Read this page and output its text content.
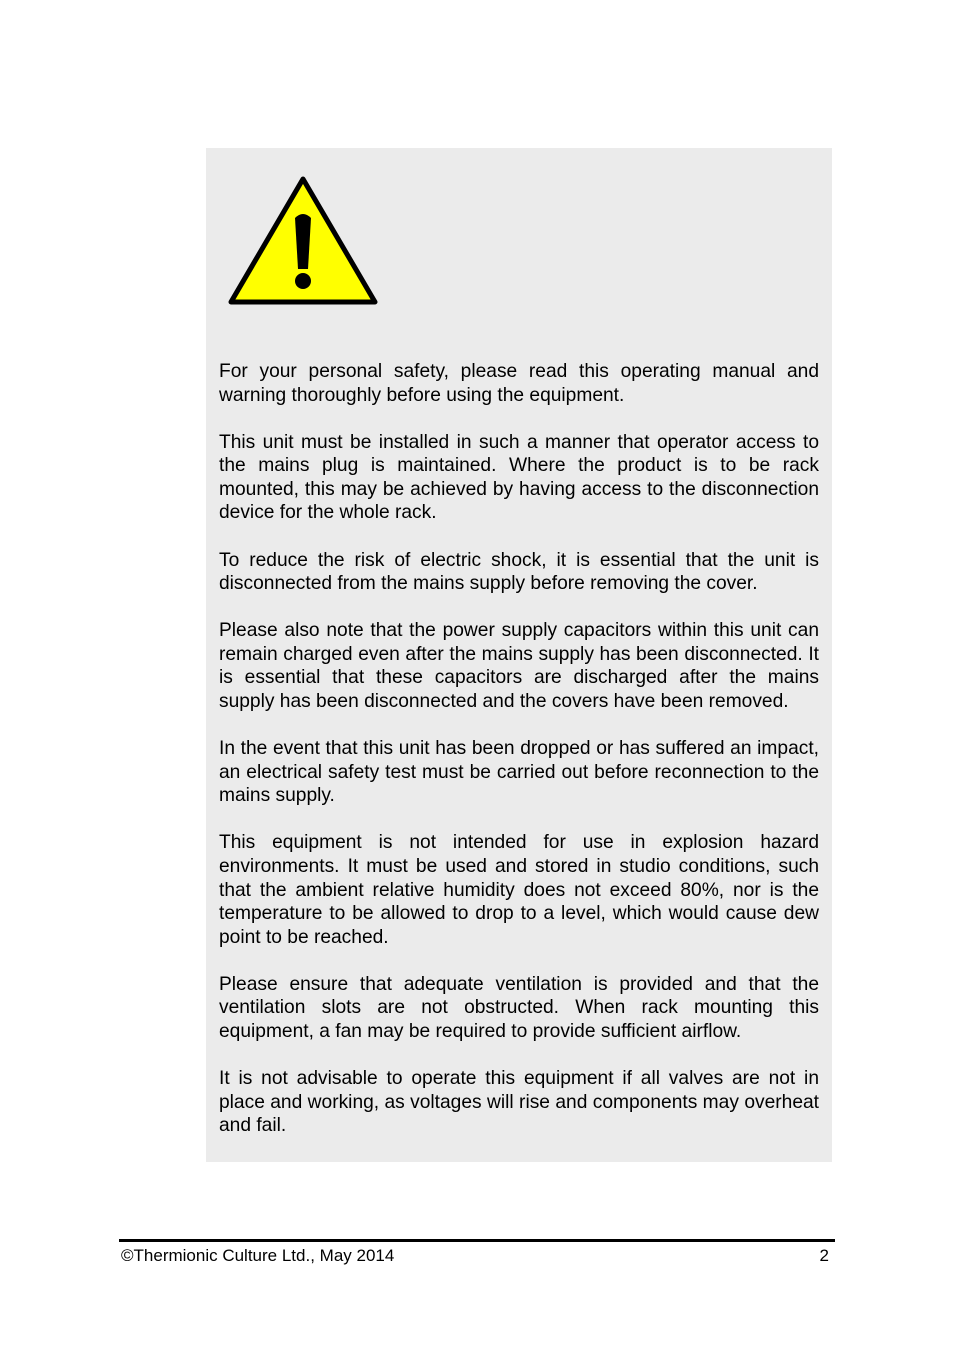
For your personal safety, please read this operating manual and warning thoroughly before using the equipment.

This unit must be installed in such a manner that operator access to the mains plug is maintained. Where the product is to be rack mounted, this may be achieved by having access to the disconnection device for the whole rack.

To reduce the risk of electric shock, it is essential that the unit is disconnected from the mains supply before removing the cover.

Please also note that the power supply capacitors within this unit can remain charged even after the mains supply has been disconnected. It is essential that these capacitors are discharged after the mains supply has been disconnected and the covers have been removed.

In the event that this unit has been dropped or has suffered an impact, an electrical safety test must be carried out before reconnection to the mains supply.

This equipment is not intended for use in explosion hazard environments. It must be used and stored in studio conditions, such that the ambient relative humidity does not exceed 80%, nor is the temperature to be allowed to drop to a level, which would cause dew point to be reached.

Please ensure that adequate ventilation is provided and that the ventilation slots are not obstructed. When rack mounting this equipment, a fan may be required to provide sufficient airflow.

It is not advisable to operate this equipment if all valves are not in place and working, as voltages will rise and components may overheat and fail.

©Thermionic Culture Ltd., May 2014	2
